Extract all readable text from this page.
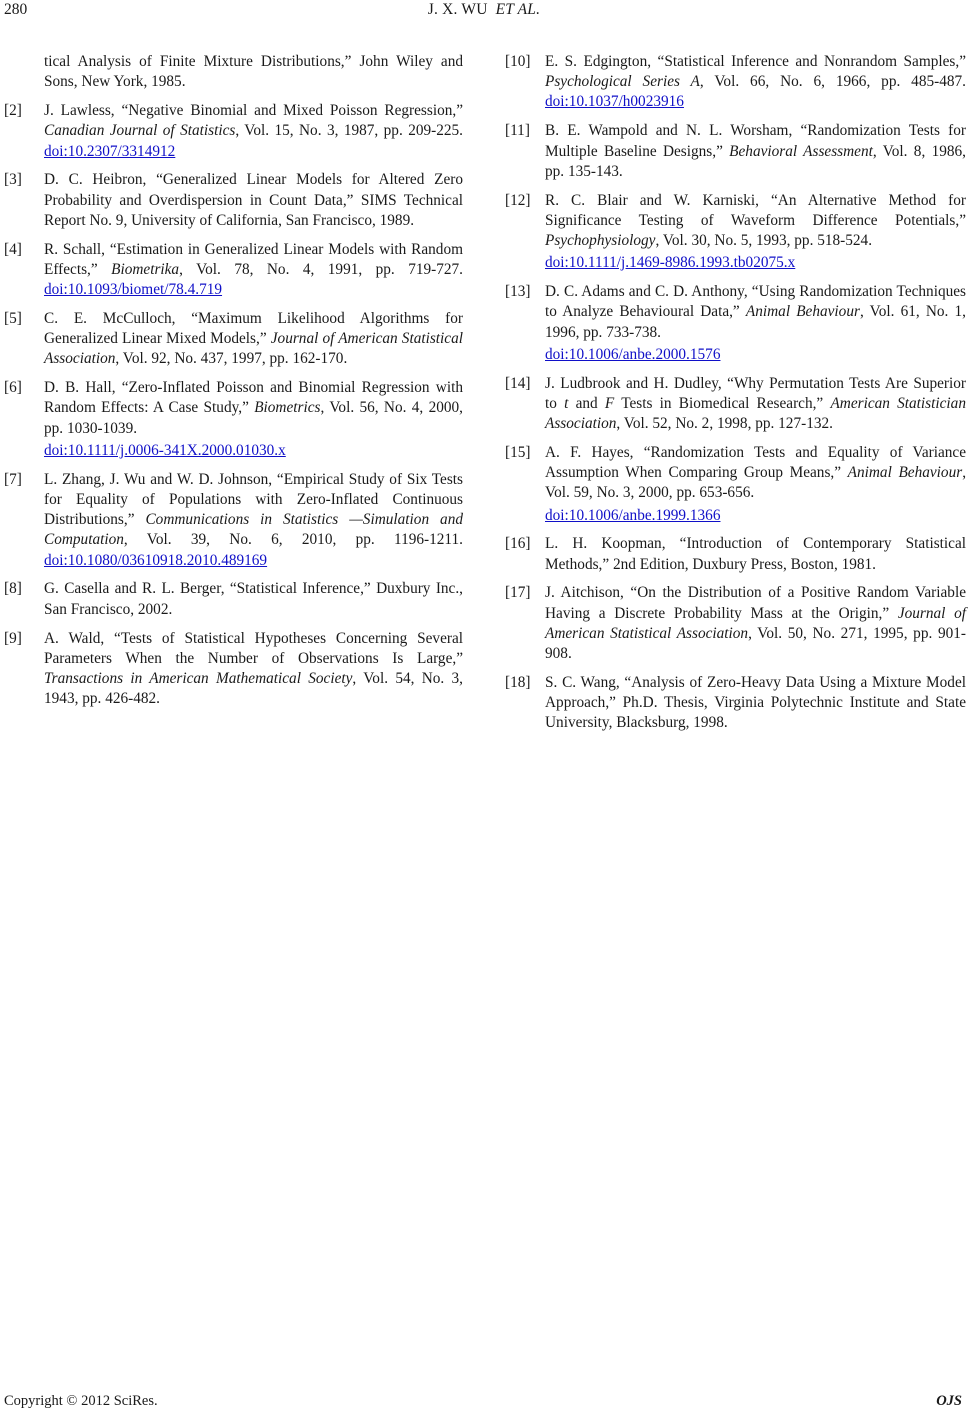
280	J. X. WU ET AL.
tical Analysis of Finite Mixture Distributions,” John Wiley and Sons, New York, 1985.
[2]	J. Lawless, “Negative Binomial and Mixed Poisson Regression,” Canadian Journal of Statistics, Vol. 15, No. 3, 1987, pp. 209-225. doi:10.2307/3314912
[3]	D. C. Heibron, “Generalized Linear Models for Altered Zero Probability and Overdispersion in Count Data,” SIMS Technical Report No. 9, University of California, San Francisco, 1989.
[4]	R. Schall, “Estimation in Generalized Linear Models with Random Effects,” Biometrika, Vol. 78, No. 4, 1991, pp. 719-727. doi:10.1093/biomet/78.4.719
[5]	C. E. McCulloch, “Maximum Likelihood Algorithms for Generalized Linear Mixed Models,” Journal of American Statistical Association, Vol. 92, No. 437, 1997, pp. 162-170.
[6]	D. B. Hall, “Zero-Inflated Poisson and Binomial Regression with Random Effects: A Case Study,” Biometrics, Vol. 56, No. 4, 2000, pp. 1030-1039.
doi:10.1111/j.0006-341X.2000.01030.x
[7]	L. Zhang, J. Wu and W. D. Johnson, “Empirical Study of Six Tests for Equality of Populations with Zero-Inflated Continuous Distributions,” Communications in Statistics —Simulation and Computation, Vol. 39, No. 6, 2010, pp. 1196-1211. doi:10.1080/03610918.2010.489169
[8]	G. Casella and R. L. Berger, “Statistical Inference,” Duxbury Inc., San Francisco, 2002.
[9]	A. Wald, “Tests of Statistical Hypotheses Concerning Several Parameters When the Number of Observations Is Large,” Transactions in American Mathematical Society, Vol. 54, No. 3, 1943, pp. 426-482.
[10] E. S. Edgington, “Statistical Inference and Nonrandom Samples,” Psychological Series A, Vol. 66, No. 6, 1966, pp. 485-487. doi:10.1037/h0023916
[11] B. E. Wampold and N. L. Worsham, “Randomization Tests for Multiple Baseline Designs,” Behavioral Assessment, Vol. 8, 1986, pp. 135-143.
[12] R. C. Blair and W. Karniski, “An Alternative Method for Significance Testing of Waveform Difference Potentials,” Psychophysiology, Vol. 30, No. 5, 1993, pp. 518-524.
doi:10.1111/j.1469-8986.1993.tb02075.x
[13] D. C. Adams and C. D. Anthony, “Using Randomization Techniques to Analyze Behavioural Data,” Animal Behaviour, Vol. 61, No. 1, 1996, pp. 733-738.
doi:10.1006/anbe.2000.1576
[14] J. Ludbrook and H. Dudley, “Why Permutation Tests Are Superior to t and F Tests in Biomedical Research,” American Statistician Association, Vol. 52, No. 2, 1998, pp. 127-132.
[15] A. F. Hayes, “Randomization Tests and Equality of Variance Assumption When Comparing Group Means,” Animal Behaviour, Vol. 59, No. 3, 2000, pp. 653-656.
doi:10.1006/anbe.1999.1366
[16] L. H. Koopman, “Introduction of Contemporary Statistical Methods,” 2nd Edition, Duxbury Press, Boston, 1981.
[17] J. Aitchison, “On the Distribution of a Positive Random Variable Having a Discrete Probability Mass at the Origin,” Journal of American Statistical Association, Vol. 50, No. 271, 1995, pp. 901-908.
[18] S. C. Wang, “Analysis of Zero-Heavy Data Using a Mixture Model Approach,” Ph.D. Thesis, Virginia Polytechnic Institute and State University, Blacksburg, 1998.
Copyright © 2012 SciRes.	OJS
